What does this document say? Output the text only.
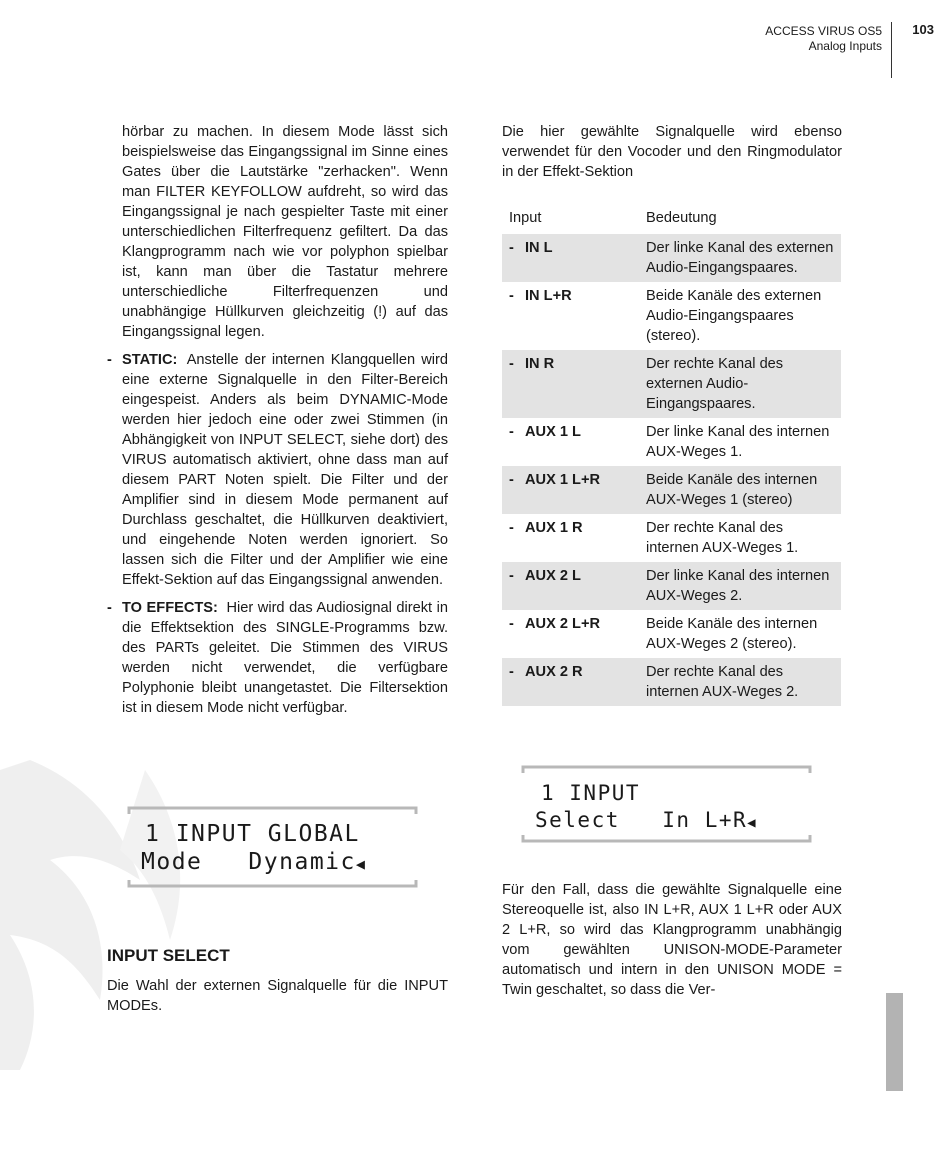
ACCESS VIRUS OS5
Analog Inputs
103

hörbar zu machen. In diesem Mode lässt sich beispielsweise das Eingangssignal im Sinne eines Gates über die Lautstärke "zerhacken". Wenn man FILTER KEYFOLLOW aufdreht, so wird das Eingangssignal je nach gespielter Taste mit einer unterschiedlichen Filterfrequenz gefiltert. Da das Klangprogramm nach wie vor polyphon spielbar ist, kann man über die Tastatur mehrere unterschiedliche Filterfrequenzen und unabhängige Hüllkurven gleichzeitig (!) auf das Eingangssignal legen.

- STATIC: Anstelle der internen Klangquellen wird eine externe Signalquelle in den Filter-Bereich eingespeist. Anders als beim DYNAMIC-Mode werden hier jedoch eine oder zwei Stimmen (in Abhängigkeit von INPUT SELECT, siehe dort) des VIRUS automatisch aktiviert, ohne dass man auf diesem PART Noten spielt. Die Filter und der Amplifier sind in diesem Mode permanent auf Durchlass geschaltet, die Hüllkurven deaktiviert, und eingehende Noten werden ignoriert. So lassen sich die Filter und der Amplifier wie eine Effekt-Sektion auf das Eingangssignal anwenden.
- TO EFFECTS: Hier wird das Audiosignal direkt in die Effektsektion des SINGLE-Programms bzw. des PARTs geleitet. Die Stimmen des VIRUS werden nicht verwendet, die verfügbare Polyphonie bleibt unangetastet. Die Filtersektion ist in diesem Mode nicht verfügbar.
1 INPUT GLOBAL
Mode   Dynamic◀
INPUT SELECT

Die Wahl der externen Signalquelle für die INPUT MODEs.

Die hier gewählte Signalquelle wird ebenso verwendet für den Vocoder und den Ringmodulator in der Effekt-Sektion

Input	Bedeutung
- IN L	Der linke Kanal des externen Audio-Eingangspaares.
- IN L+R	Beide Kanäle des externen Audio-Eingangspaares (stereo).
- IN R	Der rechte Kanal des externen Audio-Eingangspaares.
- AUX 1 L	Der linke Kanal des internen AUX-Weges 1.
- AUX 1 L+R	Beide Kanäle des internen AUX-Weges 1 (stereo)
- AUX 1 R	Der rechte Kanal des internen AUX-Weges 1.
- AUX 2 L	Der linke Kanal des internen AUX-Weges 2.
- AUX 2 L+R	Beide Kanäle des internen AUX-Weges 2 (stereo).
- AUX 2 R	Der rechte Kanal des internen AUX-Weges 2.
1 INPUT
Select   In L+R◀

Für den Fall, dass die gewählte Signalquelle eine Stereoquelle ist, also IN L+R, AUX 1 L+R oder AUX 2 L+R, so wird das Klangprogramm unabhängig vom gewählten UNISON-MODE-Parameter automatisch und intern in den UNISON MODE = Twin geschaltet, so dass die Ver-
